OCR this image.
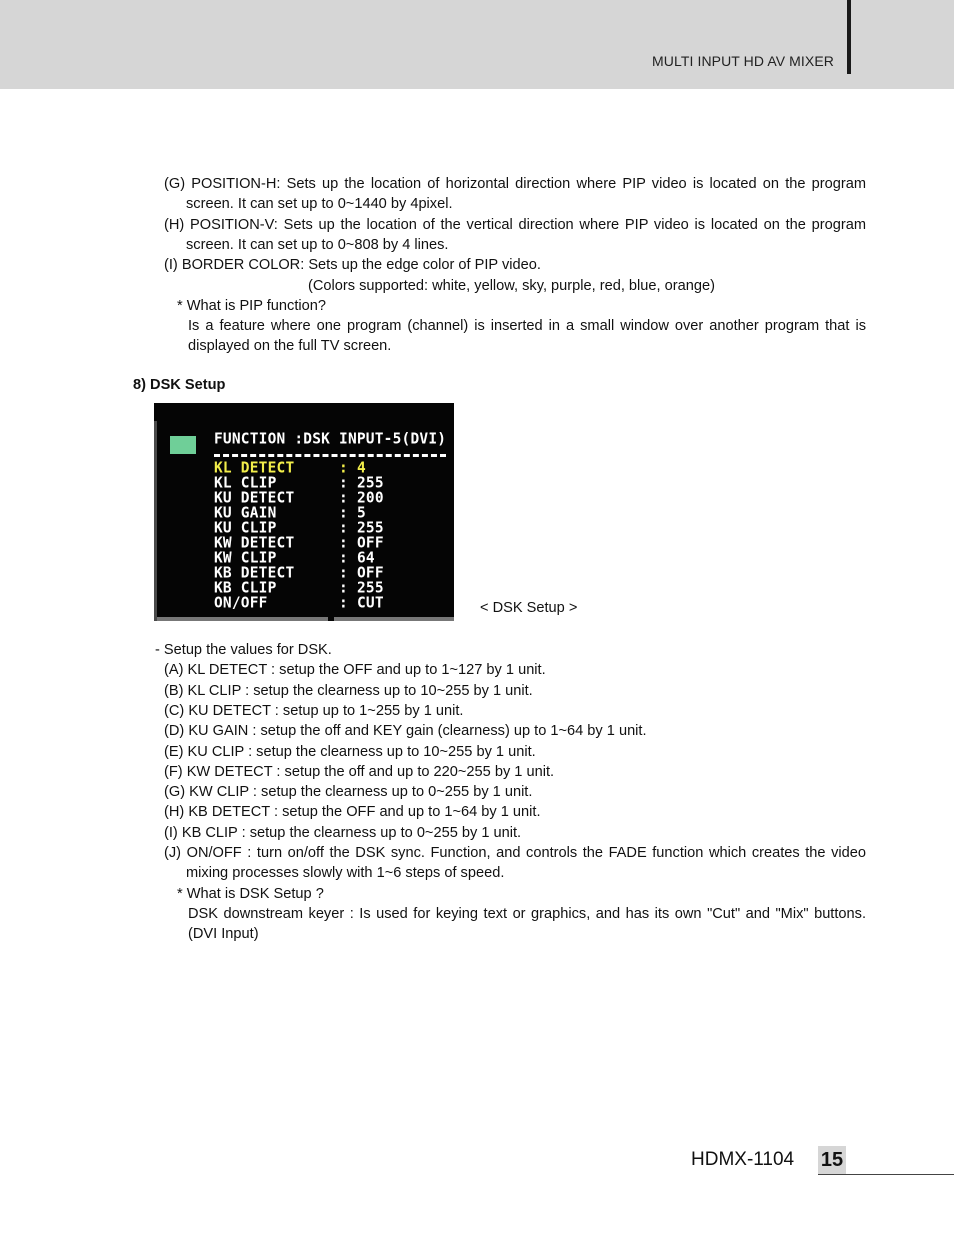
MULTI INPUT HD AV MIXER
(G) POSITION-H: Sets up the location of horizontal direction where PIP video is located on the program
screen. It can set up to 0~1440 by 4pixel.
(H) POSITION-V: Sets up the location of the vertical direction where PIP video is located on the program
screen. It can set up to 0~808 by 4 lines.
(I) BORDER COLOR: Sets up the edge color of PIP video.
(Colors supported: white, yellow, sky, purple, red, blue, orange)
* What is PIP function?
Is a feature where one program (channel) is inserted in a small window over another program that is
displayed on the full TV screen.
8) DSK Setup
FUNCTION :DSK INPUT-5(DVI)
KL DETECT	: 4
KL CLIP	: 255
KU DETECT	: 200
KU GAIN	: 5
KU CLIP	: 255
KW DETECT	: OFF
KW CLIP	: 64
KB DETECT	: OFF
KB CLIP	: 255
ON/OFF	: CUT	< DSK Setup >
- Setup the values for DSK.
(A) KL DETECT : setup the OFF and up to 1~127 by 1 unit.
(B) KL CLIP : setup the clearness up to 10~255 by 1 unit.
(C) KU DETECT : setup up to 1~255 by 1 unit.
(D) KU GAIN : setup the off and KEY gain (clearness) up to 1~64 by 1 unit.
(E) KU CLIP : setup the clearness up to 10~255 by 1 unit.
(F) KW DETECT : setup the off and up to 220~255 by 1 unit.
(G) KW CLIP : setup the clearness up to 0~255 by 1 unit.
(H) KB DETECT : setup the OFF and up to 1~64 by 1 unit.
(I) KB CLIP : setup the clearness up to 0~255 by 1 unit.
(J) ON/OFF : turn on/off the DSK sync. Function, and controls the FADE function which creates the video
mixing processes slowly with 1~6 steps of speed.
* What is DSK Setup ?
DSK downstream keyer : Is used for keying text or graphics, and has its own "Cut" and "Mix" buttons.
(DVI Input)
HDMX-1104 15
